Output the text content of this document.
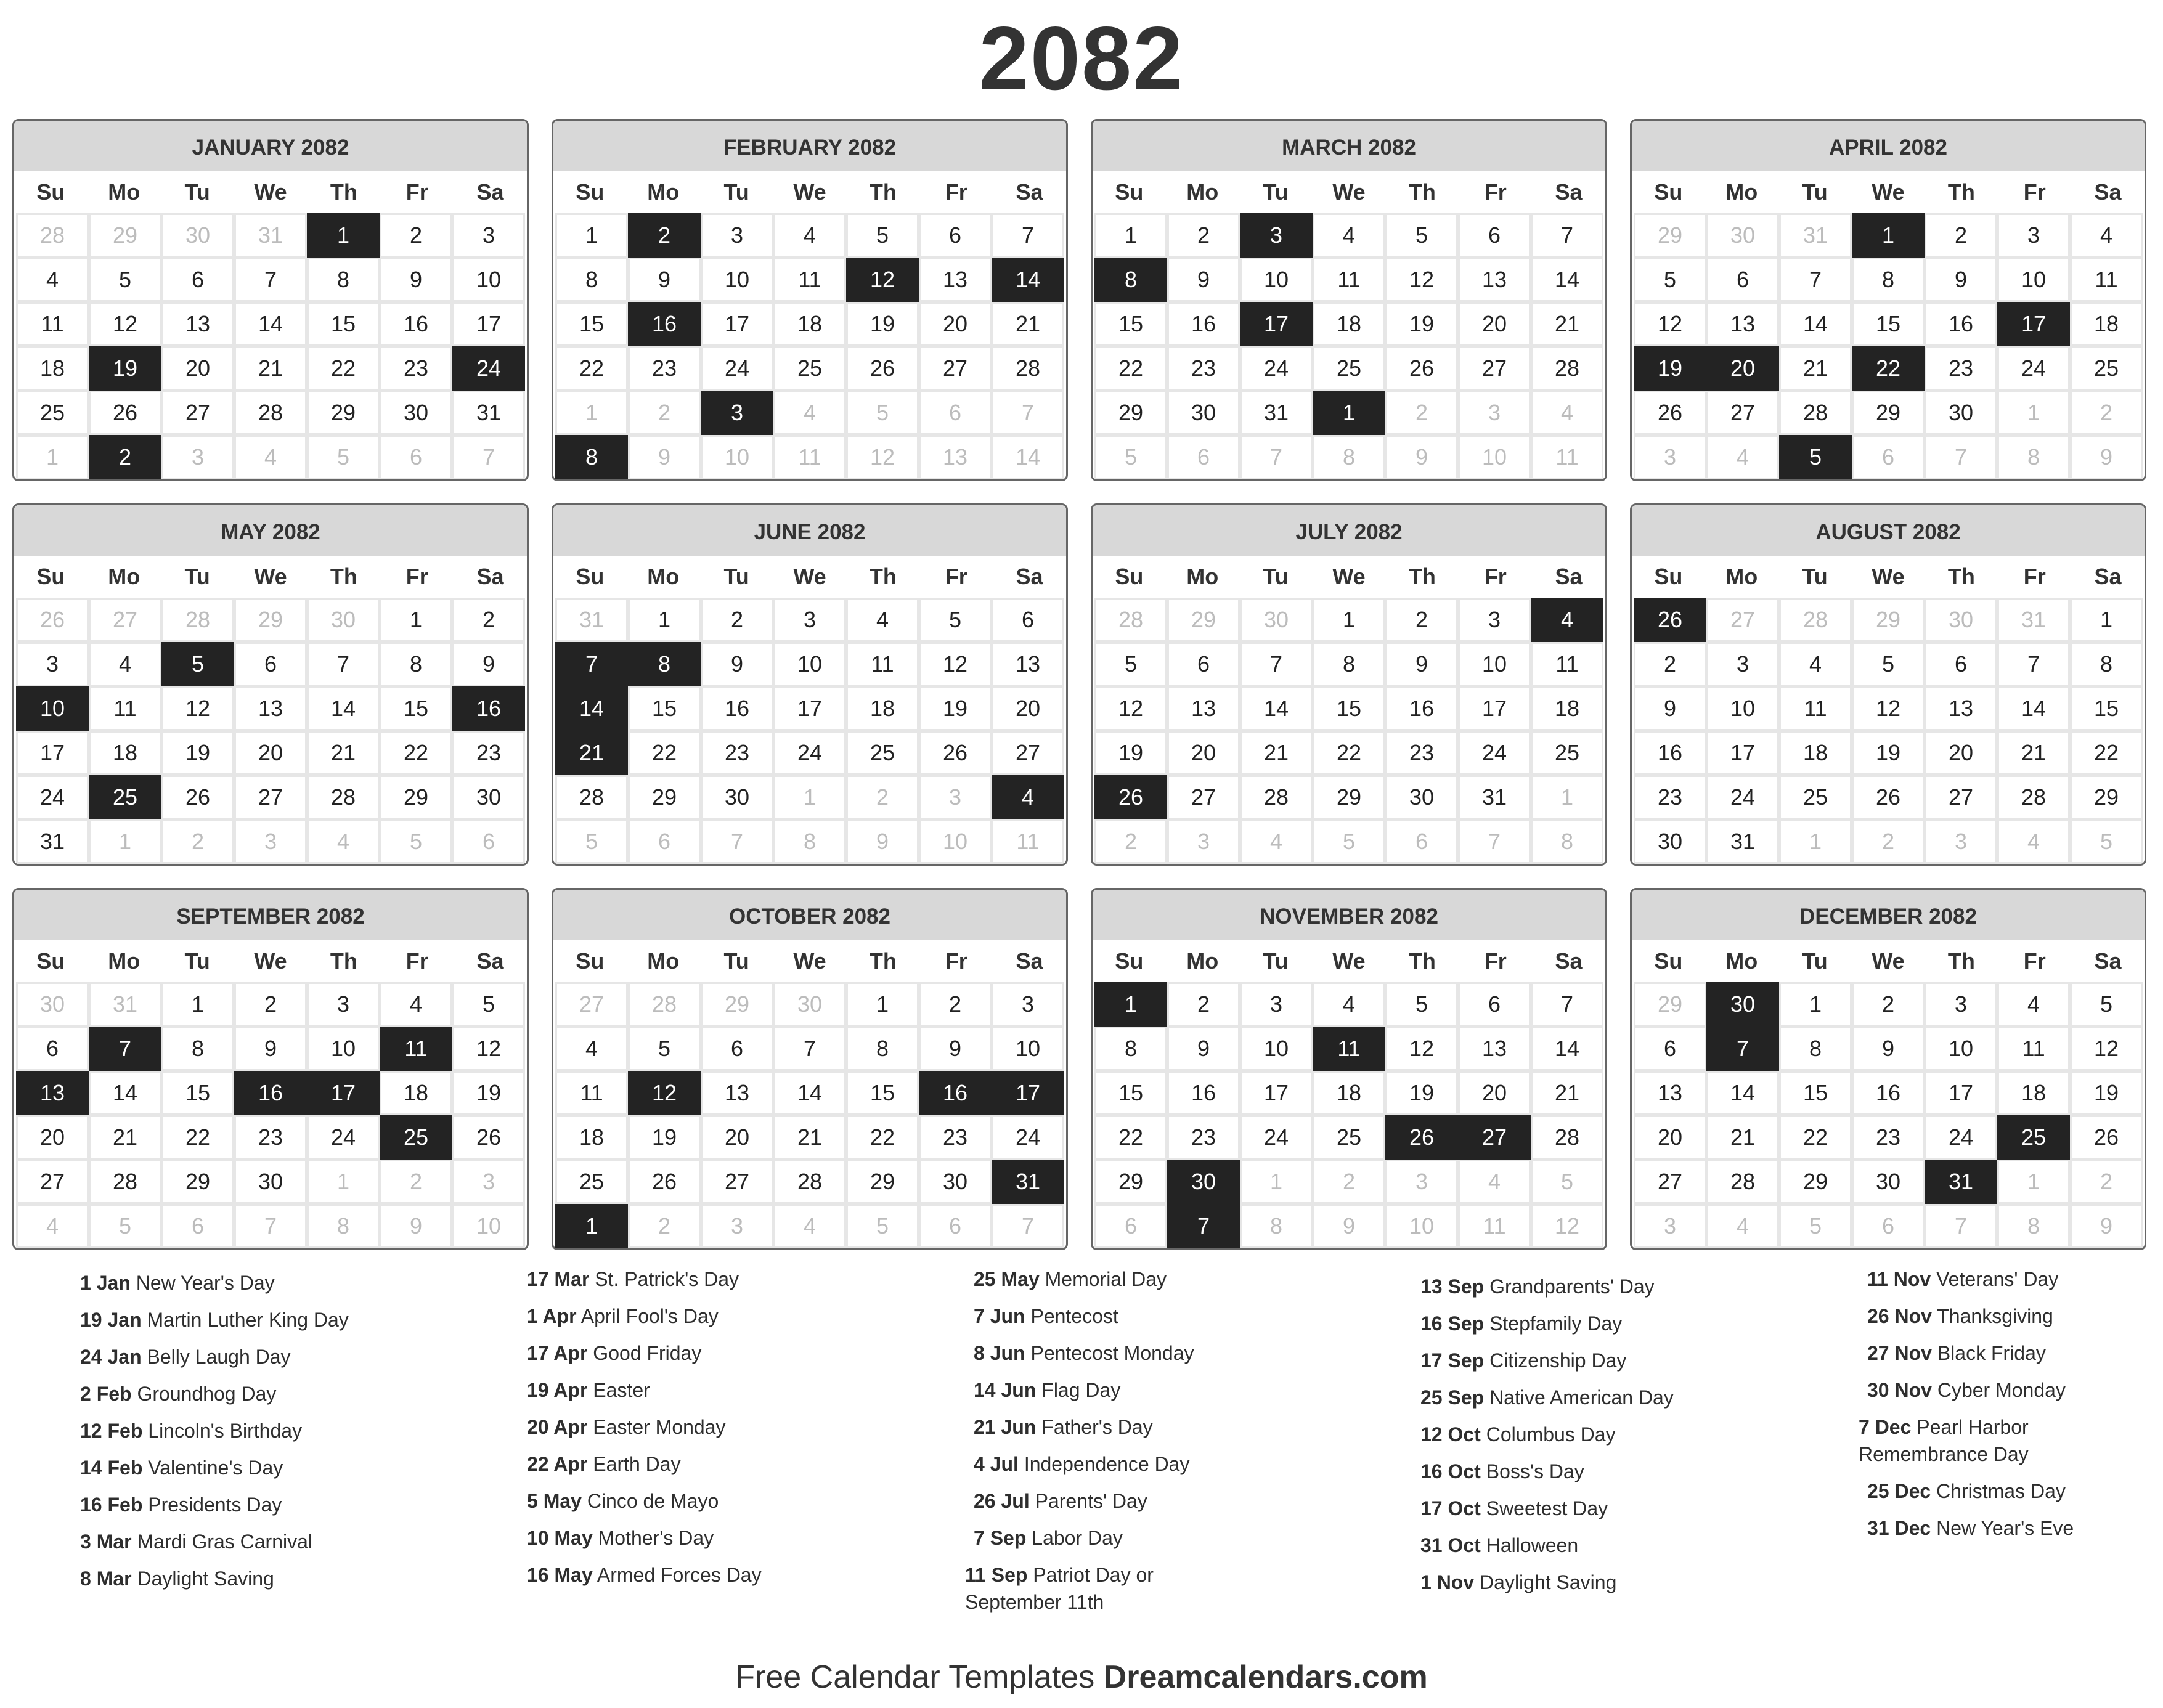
2082
JANUARY 2082
Su	Mo	Tu	We	Th	Fr	Sa
28	29	30	31	1	2	3
4	5	6	7	8	9	10
11	12	13	14	15	16	17
18	19	20	21	22	23	24
25	26	27	28	29	30	31
1	2	3	4	5	6	7
FEBRUARY 2082
Su	Mo	Tu	We	Th	Fr	Sa
1	2	3	4	5	6	7
8	9	10	11	12	13	14
15	16	17	18	19	20	21
22	23	24	25	26	27	28
1	2	3	4	5	6	7
8	9	10	11	12	13	14
MARCH 2082
Su	Mo	Tu	We	Th	Fr	Sa
1	2	3	4	5	6	7
8	9	10	11	12	13	14
15	16	17	18	19	20	21
22	23	24	25	26	27	28
29	30	31	1	2	3	4
5	6	7	8	9	10	11
APRIL 2082
Su	Mo	Tu	We	Th	Fr	Sa
29	30	31	1	2	3	4
5	6	7	8	9	10	11
12	13	14	15	16	17	18
19	20	21	22	23	24	25
26	27	28	29	30	1	2
3	4	5	6	7	8	9
MAY 2082
Su	Mo	Tu	We	Th	Fr	Sa
26	27	28	29	30	1	2
3	4	5	6	7	8	9
10	11	12	13	14	15	16
17	18	19	20	21	22	23
24	25	26	27	28	29	30
31	1	2	3	4	5	6
JUNE 2082
Su	Mo	Tu	We	Th	Fr	Sa
31	1	2	3	4	5	6
7	8	9	10	11	12	13
14	15	16	17	18	19	20
21	22	23	24	25	26	27
28	29	30	1	2	3	4
5	6	7	8	9	10	11
JULY 2082
Su	Mo	Tu	We	Th	Fr	Sa
28	29	30	1	2	3	4
5	6	7	8	9	10	11
12	13	14	15	16	17	18
19	20	21	22	23	24	25
26	27	28	29	30	31	1
2	3	4	5	6	7	8
AUGUST 2082
Su	Mo	Tu	We	Th	Fr	Sa
26	27	28	29	30	31	1
2	3	4	5	6	7	8
9	10	11	12	13	14	15
16	17	18	19	20	21	22
23	24	25	26	27	28	29
30	31	1	2	3	4	5
SEPTEMBER 2082
Su	Mo	Tu	We	Th	Fr	Sa
30	31	1	2	3	4	5
6	7	8	9	10	11	12
13	14	15	16	17	18	19
20	21	22	23	24	25	26
27	28	29	30	1	2	3
4	5	6	7	8	9	10
OCTOBER 2082
Su	Mo	Tu	We	Th	Fr	Sa
27	28	29	30	1	2	3
4	5	6	7	8	9	10
11	12	13	14	15	16	17
18	19	20	21	22	23	24
25	26	27	28	29	30	31
1	2	3	4	5	6	7
NOVEMBER 2082
Su	Mo	Tu	We	Th	Fr	Sa
1	2	3	4	5	6	7
8	9	10	11	12	13	14
15	16	17	18	19	20	21
22	23	24	25	26	27	28
29	30	1	2	3	4	5
6	7	8	9	10	11	12
DECEMBER 2082
Su	Mo	Tu	We	Th	Fr	Sa
29	30	1	2	3	4	5
6	7	8	9	10	11	12
13	14	15	16	17	18	19
20	21	22	23	24	25	26
27	28	29	30	31	1	2
3	4	5	6	7	8	9
1 Jan New Year's Day
19 Jan Martin Luther King Day
24 Jan Belly Laugh Day
2 Feb Groundhog Day
12 Feb Lincoln's Birthday
14 Feb Valentine's Day
16 Feb Presidents Day
3 Mar Mardi Gras Carnival
8 Mar Daylight Saving
17 Mar St. Patrick's Day
1 Apr April Fool's Day
17 Apr Good Friday
19 Apr Easter
20 Apr Easter Monday
22 Apr Earth Day
5 May Cinco de Mayo
10 May Mother's Day
16 May Armed Forces Day
25 May Memorial Day
7 Jun Pentecost
8 Jun Pentecost Monday
14 Jun Flag Day
21 Jun Father's Day
4 Jul Independence Day
26 Jul Parents' Day
7 Sep Labor Day
11 Sep Patriot Day or
September 11th
13 Sep Grandparents' Day
16 Sep Stepfamily Day
17 Sep Citizenship Day
25 Sep Native American Day
12 Oct Columbus Day
16 Oct Boss's Day
17 Oct Sweetest Day
31 Oct Halloween
1 Nov Daylight Saving
11 Nov Veterans' Day
26 Nov Thanksgiving
27 Nov Black Friday
30 Nov Cyber Monday
7 Dec Pearl Harbor
Remembrance Day
25 Dec Christmas Day
31 Dec New Year's Eve
Free Calendar Templates Dreamcalendars.com
